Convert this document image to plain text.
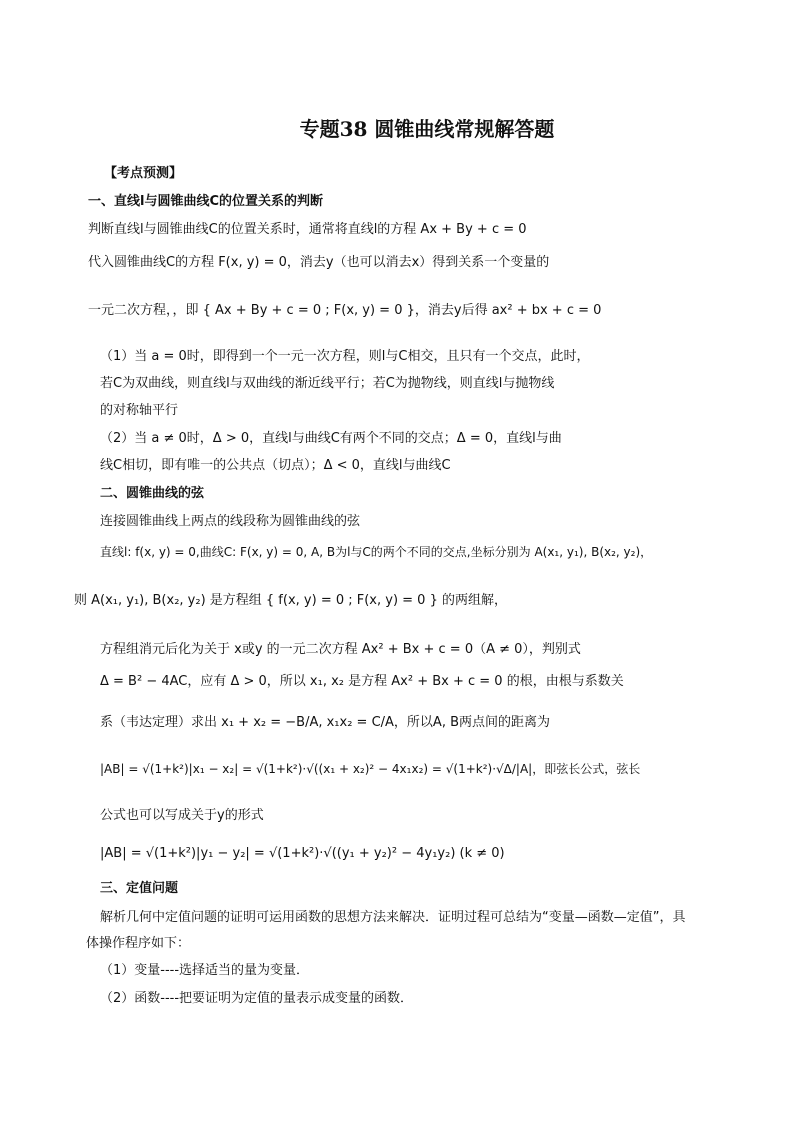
专题38 圆锥曲线常规解答题
【考点预测】
一、直线l与圆锥曲线C的位置关系的判断
判断直线l与圆锥曲线C的位置关系时，通常将直线l的方程 Ax + By + c = 0
代入圆锥曲线C的方程 F(x, y) = 0，消去y（也可以消去x）得到关系一个变量的
一元二次方程，，即 { Ax + By + c = 0 ; F(x, y) = 0 }，消去y后得 ax² + bx + c = 0
（1）当 a = 0时，即得到一个一元一次方程，则l与C相交，且只有一个交点，此时，
若C为双曲线，则直线l与双曲线的渐近线平行；若C为抛物线，则直线l与抛物线
的对称轴平行
（2）当 a ≠ 0时，Δ > 0，直线l与曲线C有两个不同的交点；Δ = 0，直线l与曲
线C相切，即有唯一的公共点（切点）；Δ < 0，直线l与曲线C
二、圆锥曲线的弦
连接圆锥曲线上两点的线段称为圆锥曲线的弦
直线l: f(x, y) = 0,曲线C: F(x, y) = 0, A, B为l与C的两个不同的交点,坐标分别为 A(x₁, y₁), B(x₂, y₂)，
则 A(x₁, y₁), B(x₂, y₂) 是方程组 { f(x, y) = 0 ; F(x, y) = 0 } 的两组解，
方程组消元后化为关于 x或y 的一元二次方程 Ax² + Bx + c = 0（A ≠ 0），判别式
Δ = B² − 4AC，应有 Δ > 0，所以 x₁, x₂ 是方程 Ax² + Bx + c = 0 的根，由根与系数关
系（韦达定理）求出 x₁ + x₂ = −B/A, x₁x₂ = C/A，所以A, B两点间的距离为
|AB| = √(1+k²)|x₁ − x₂| = √(1+k²)·√((x₁ + x₂)² − 4x₁x₂) = √(1+k²)·√Δ/|A|，即弦长公式，弦长
公式也可以写成关于y的形式
|AB| = √(1+k²)|y₁ − y₂| = √(1+k²)·√((y₁ + y₂)² − 4y₁y₂) (k ≠ 0)
三、定值问题
解析几何中定值问题的证明可运用函数的思想方法来解决．证明过程可总结为“变量—函数—定值”，具
体操作程序如下：
（1）变量----选择适当的量为变量．
（2）函数----把要证明为定值的量表示成变量的函数．
